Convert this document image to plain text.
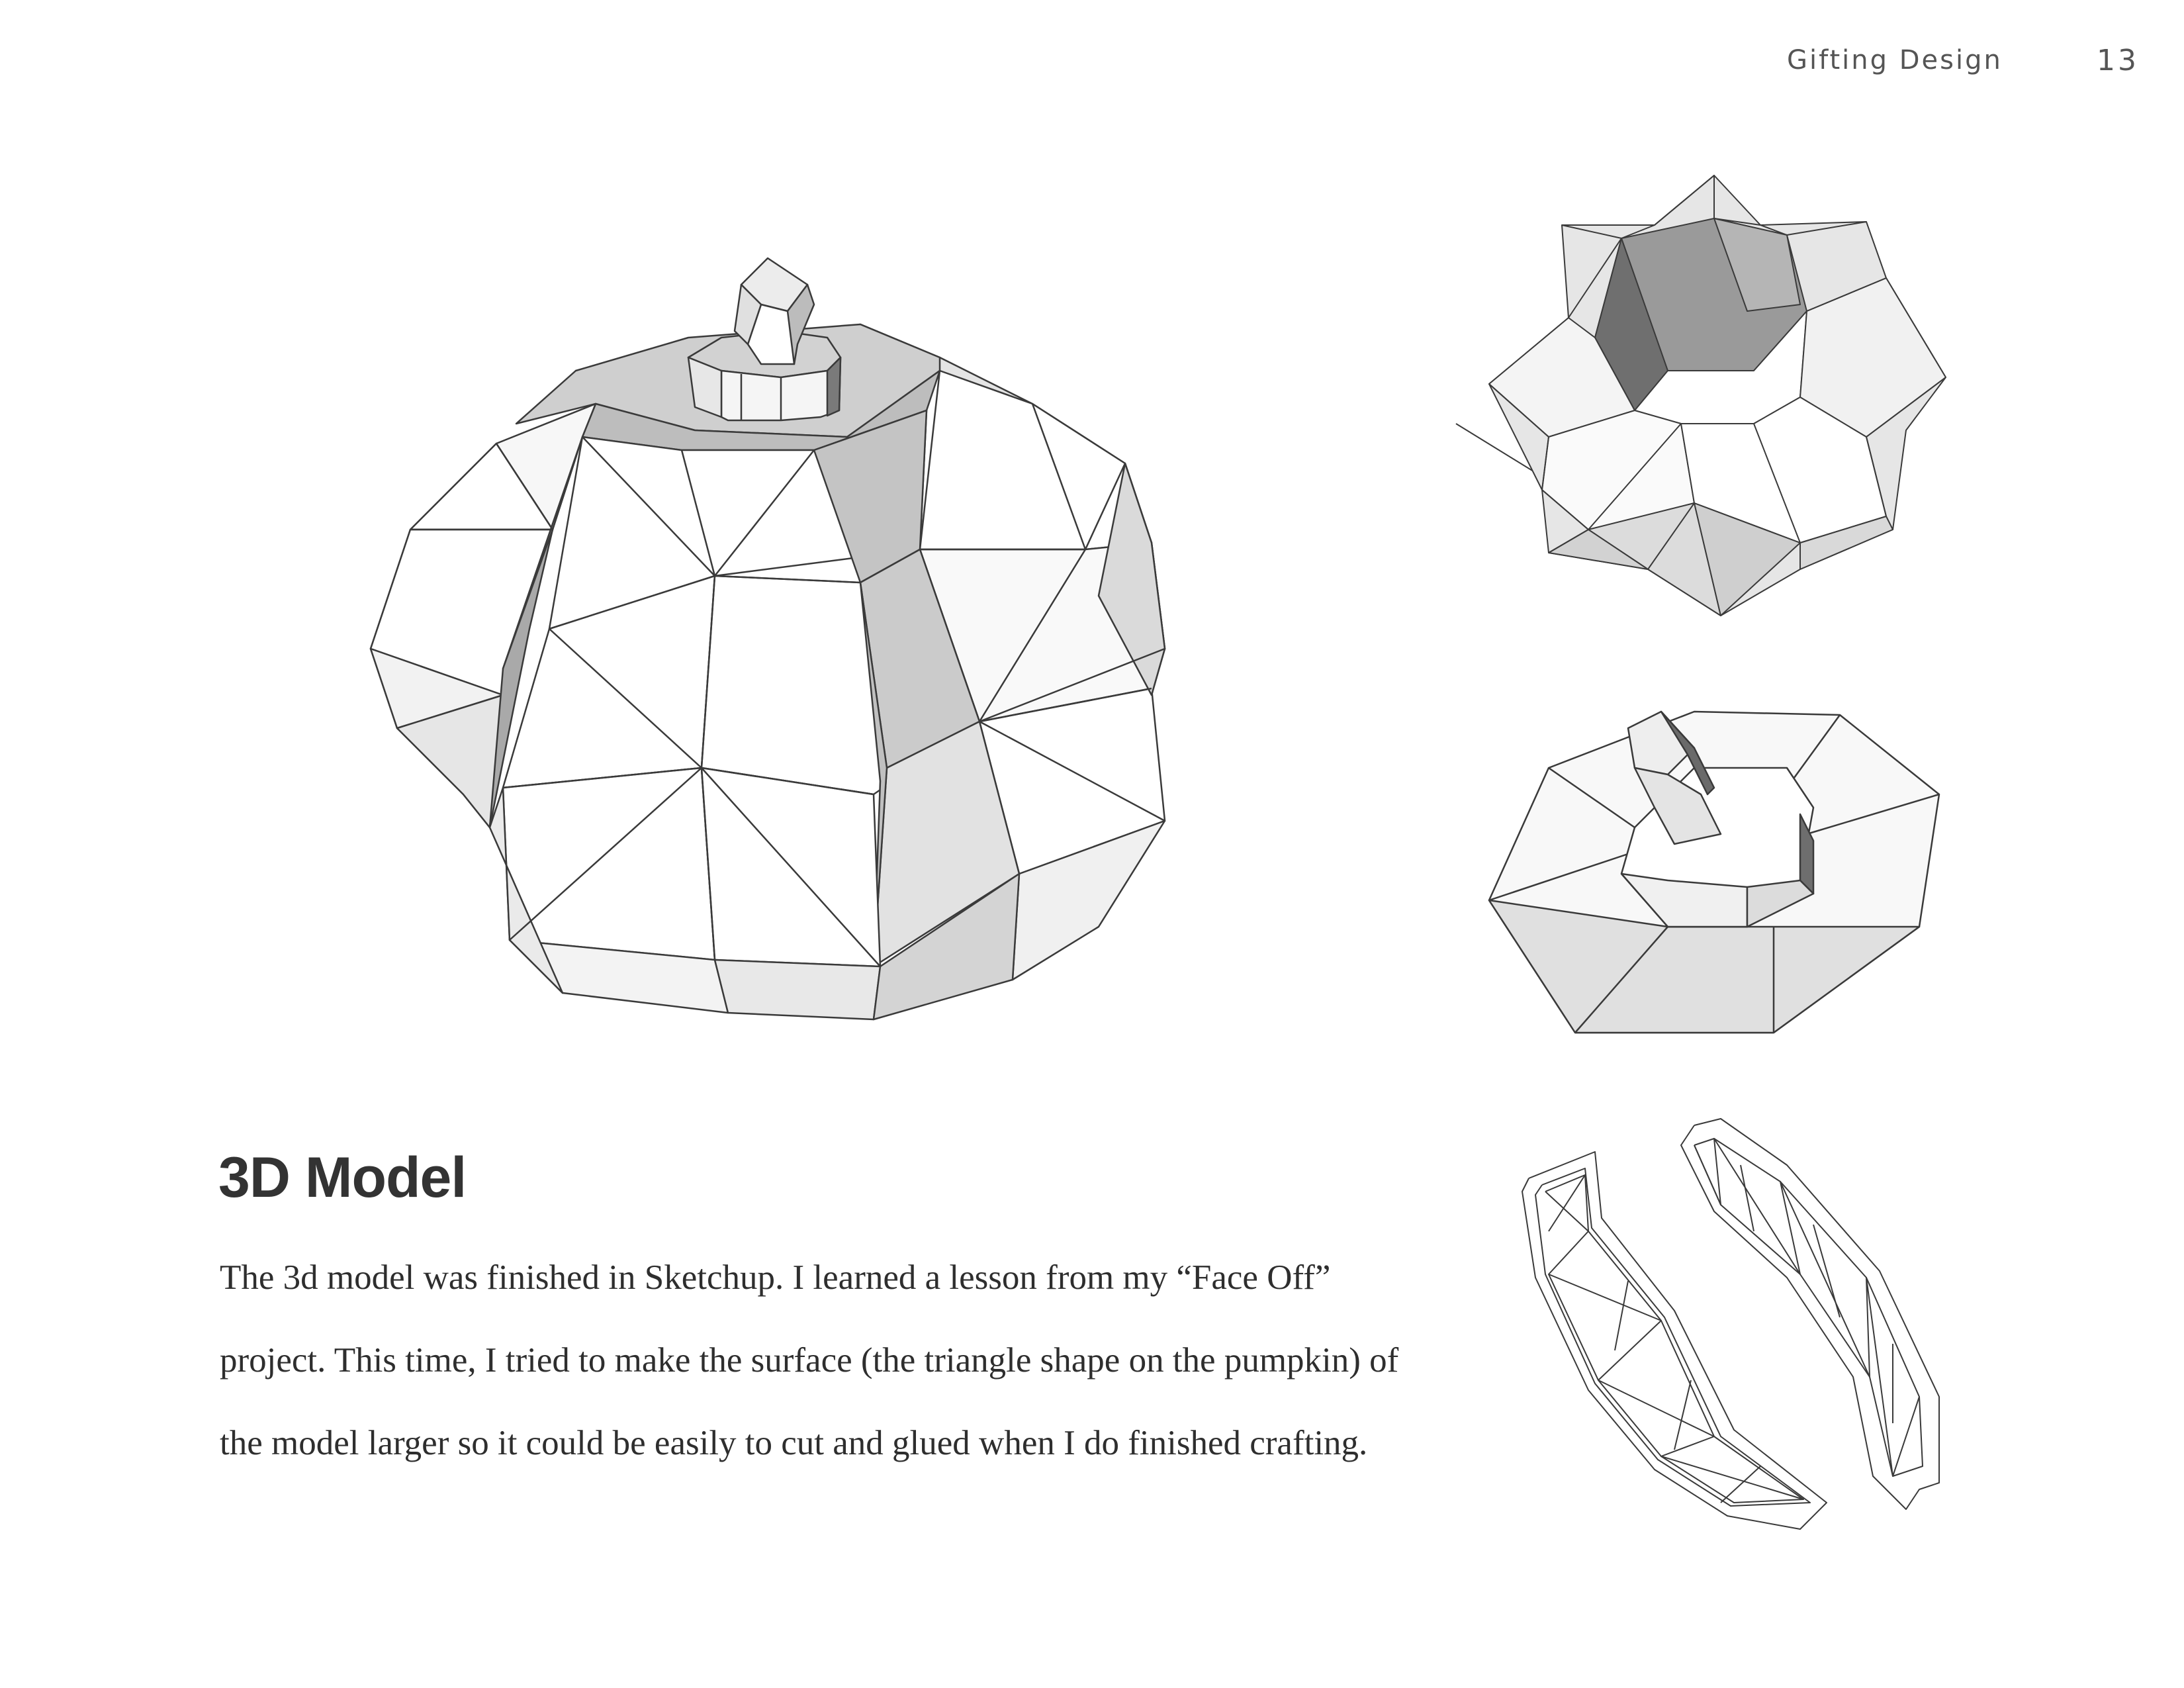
Gifting Design	13
3D Model

The 3d model was finished in Sketchup. I learned a lesson from my “Face Off” project. This time, I tried to make the surface (the triangle shape on the pumpkin) of the model larger so it could be easily to cut and glued when I do finished crafting.
